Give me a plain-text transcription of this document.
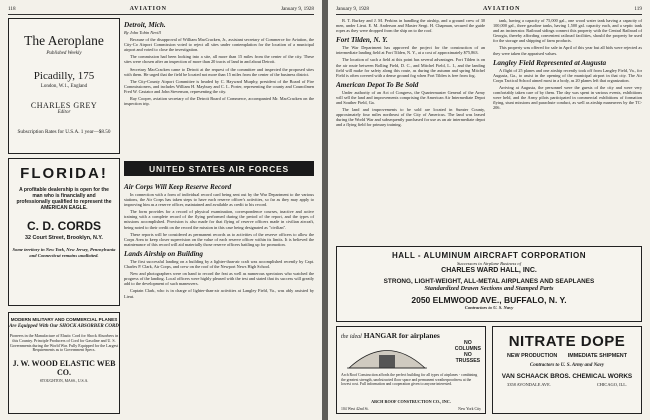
118	AVIATION	January 9, 1928
The Aeroplane
Published Weekly
Picadilly, 175
London, W.1., England
CHARLES GREY
Editor
Subscription Rates for U.S.A. 1 year—$8.50
FLORIDA!
A profitable dealership is open for the man who is financially and professionally qualified to represent the AMERICAN EAGLE.
C. D. CORDS
32 Court Street, Brooklyn, N.Y.
Some territory in New York, New Jersey, Pennsylvania and Connecticut remains unallotted.
MODERN MILITARY AND COMMERCIAL PLANES
Are Equipped With Our SHOCK ABSORBER CORD
Pioneers in the Manufacture of Elastic Cord for Shock Absorbers in this Country. Principle Producers of Cord for Gasoline and U. S. Governments during the World War. Fully Equipped for the Largest Requirements as to Government Specs.
J. W. WOOD ELASTIC WEB CO.
STOUGHTON, MASS., U.S.A.
Detroit, Mich.
By John Tobin Nevill

Because of the disapproval of William MacCracken, Jr., assistant secretary of Commerce for Aviation, the City-Co Airport Commission voted to reject all sites under contemplation for the location of a municipal airport and voted to close the investigation.

The commission had been looking into a site, all more than 15 miles from the center of the city. These sites were chosen after an inspection of more than 20 tracts of land in and about Detroit.

Secretary MacCracken came to Detroit at the request of the committee and inspected the proposed sites with them. He urged that the field be located not more than 15 miles from the center of the business district.

The City-County Airport Committee is headed by C. Hayward Murphy, president of the Board of Fire Commissioners, and includes William H. Maybury and C. L. Porter, representing the county and Councilmen Fred W. Castator and John Stevenson, representing the city.

Ray Cooper, aviation secretary of the Detroit Board of Commerce, accompanied Mr. MacCracken on the inspection trip.

UNITED STATES AIR FORCES
Air Corps Will Keep Reserve Record

In connection with a form of individual record card being sent out by the War Department to the various stations, the Air Corps has taken steps to have each reserve officer's activities, so far as they may apply to improving him as a reserve officer, maintained and available as credit to his record.

The form provides for a record of physical examination, correspondence courses, inactive and active training with a complete record of the flying performed during the period of the report, and the types of missions accomplished. Provision is also made for that flying of reserve officers made in civilian aircraft, being noted to their credit on the record the mission in this case being designated as "civilian".

These reports will be considered as permanent records as to activities of the reserve officers to allow the Corps Area to keep closer supervision on the value of each reserve officer within its limits. It is believed the maintenance of this record will aid materially those reserve officers battling up for promotion.

Lands Airship on Building

The first successful landing on a building by a lighter-than-air craft was accomplished recently by Capt. Charles P. Clark, Air Corps, and crew on the roof of the Newport News High School.

New and photographers were on hand to record the feat as well as numerous spectators who watched the progress of the landing. Local officers were highly pleased with the test and stated that its success will greatly add to the development of such maneuvers.

Captain Clark, who is in charge of lighter-than-air activities at Langley Field, Va., was ably assisted by Lieut.

January 9, 1928	AVIATION	119

B. T. Burkey and J. M. Perkins in handling the airship, and a ground crew of 30 men, under Lieut. E. M. Anderson and Master Sergt. H. Chapman, secured the guide ropes as they were dropped from the ship on to the roof.

Fort Tilden, N. Y.

The War Department has approved the project for the construction of an intermediate landing field at Fort Tilden, N. Y., at a cost of approximately $75,863.

The location of such a field at this point has several advantages. Fort Tilden is on the air route between Bolling Field, D. C., and Mitchel Field, L. I., and the landing field will make for safety along this route, as during the autumn and spring Mitchel Field is often covered with a dense ground fog when Fort Tilden is free from fog.

American Depot To Be Sold

Under authority of an Act of Congress, the Quartermaster General of the Army will sell the land and improvements comprising the American Air Intermediate Depot and Souther Field, Ga.

The land and improvements to be sold are located in Sumter County, approximately four miles northeast of the City of Americus. The land was leased during the World War and subsequently purchased for use as an air intermediate depot and a flying field for primary training.

tank, having a capacity of 75,000 gal., one wood water tank having a capacity of 100,000 gal., three gasoline tanks, having 1,500 gal. capacity each, and a septic tank and an incinerator. Railroad sidings connect this property with the Central Railroad of Georgia, thereby affording convenient railroad facilities, should the property be used for the storage and shipping of farm products.

This property was offered for sale in April of this year but all bids were rejected as they were taken the appraised values.

Langley Field Represented at Augusta

A flight of 25 planes and one airship recently took off from Langley Field, Va., for Augusta, Ga., to assist in the opening of the municipal airport in that city. The Air Corps Tactical School aimed most in a body, as 20 planes left that organization.

Arriving at Augusta, the personnel were the guests of the city and were very comfortably taken care of by them. The day was spent in various events, exhibitions were held, and the Army pilots participated in commercial exhibitions of formation flying, stunt missions and parachute conduct, as well as airship maneuvers by the TC-206.

HALL - ALUMINUM AIRCRAFT CORPORATION
Successors to Airplane Business of
CHARLES WARD HALL, INC.
STRONG, LIGHT-WEIGHT, ALL-METAL AIRPLANES AND SEAPLANES
Standardized Drawn Sections and Stamped Parts
2050 ELMWOOD AVE., BUFFALO, N. Y.
Contractors to U. S. Navy
the ideal HANGAR for airplanes
NO
COLUMNS
NO
TRUSSES
Arch Roof Construction affords the perfect building for all types of airplanes - combining the greatest strength, unobstructed floor space and permanent weatherproofness at the lowest cost. Full information and cooperation given to anyone interested.
ARCH ROOF CONSTRUCTION CO., INC.
104 West 42nd St.	New York City
NITRATE DOPE
NEW PRODUCTION IMMEDIATE SHIPMENT
Contractors to U. S. Army and Navy
VAN SCHAACK BROS. CHEMICAL WORKS
3358 AVONDALE AVE.	CHICAGO, ILL.
